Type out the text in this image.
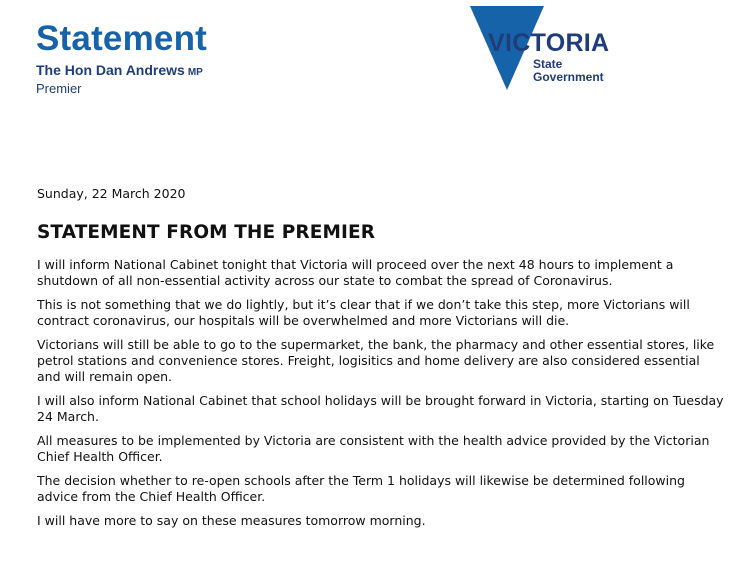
Statement
The Hon Dan Andrews MP
Premier
VICTORIA
State
Government
Sunday, 22 March 2020
STATEMENT FROM THE PREMIER
I will inform National Cabinet tonight that Victoria will proceed over the next 48 hours to implement a shutdown of all non-essential activity across our state to combat the spread of Coronavirus.
This is not something that we do lightly, but it’s clear that if we don’t take this step, more Victorians will contract coronavirus, our hospitals will be overwhelmed and more Victorians will die.
Victorians will still be able to go to the supermarket, the bank, the pharmacy and other essential stores, like petrol stations and convenience stores. Freight, logisitics and home delivery are also considered essential and will remain open.
I will also inform National Cabinet that school holidays will be brought forward in Victoria, starting on Tuesday 24 March.
All measures to be implemented by Victoria are consistent with the health advice provided by the Victorian Chief Health Officer.
The decision whether to re-open schools after the Term 1 holidays will likewise be determined following advice from the Chief Health Officer.
I will have more to say on these measures tomorrow morning.
